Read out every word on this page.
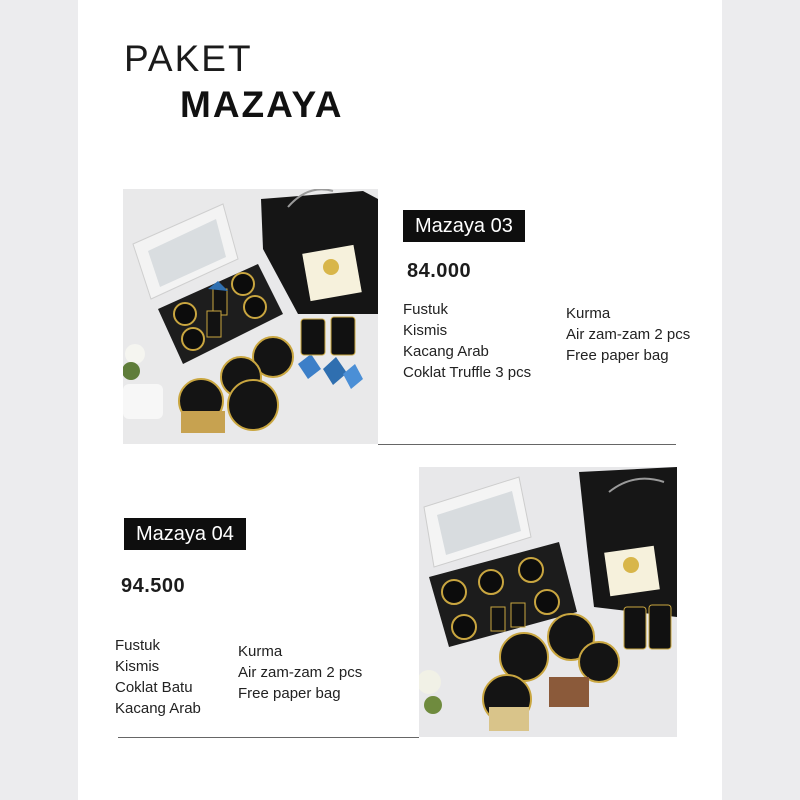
PAKET
MAZAYA
Mazaya 03
84.000
Fustuk
Kismis
Kacang Arab
Coklat Truffle 3 pcs
Kurma
Air zam-zam 2 pcs
Free paper bag
Mazaya 04
94.500
Fustuk
Kismis
Coklat Batu
Kacang Arab
Kurma
Air zam-zam 2 pcs
Free paper bag
